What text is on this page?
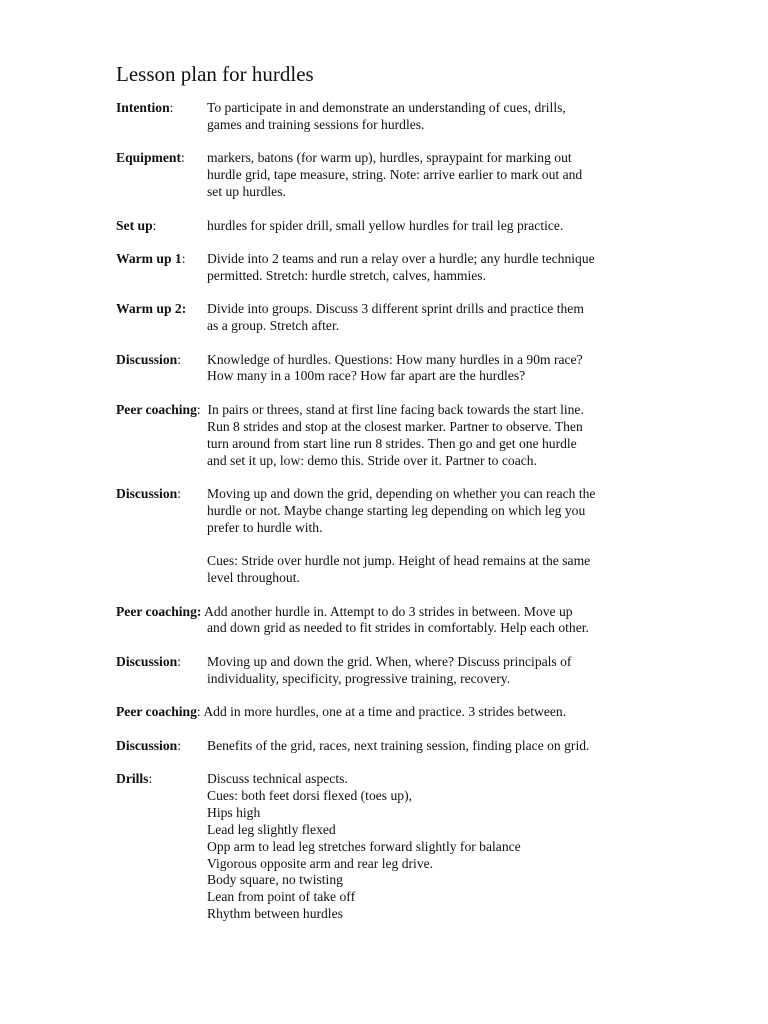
Lesson plan for hurdles
Intention:	To participate in and demonstrate an understanding of cues, drills,
games and training sessions for hurdles.
Equipment:	markers, batons (for warm up), hurdles, spraypaint for marking out
hurdle grid, tape measure, string. Note: arrive earlier to mark out and
set up hurdles.
Set up:	hurdles for spider drill, small yellow hurdles for trail leg practice.
Warm up 1:	Divide into 2 teams and run a relay over a hurdle; any hurdle technique
permitted. Stretch: hurdle stretch, calves, hammies.
Warm up 2:	Divide into groups. Discuss 3 different sprint drills and practice them
as a group. Stretch after.
Discussion:	Knowledge of hurdles. Questions: How many hurdles in a 90m race?
How many in a 100m race? How far apart are the hurdles?
Peer coaching:  In pairs or threes, stand at first line facing back towards the start line.
Run 8 strides and stop at the closest marker. Partner to observe. Then
turn around from start line run 8 strides. Then go and get one hurdle
and set it up, low: demo this. Stride over it. Partner to coach.
Discussion:	Moving up and down the grid, depending on whether you can reach the
hurdle or not. Maybe change starting leg depending on which leg you
prefer to hurdle with.
Cues: Stride over hurdle not jump. Height of head remains at the same
level throughout.
Peer coaching: Add another hurdle in. Attempt to do 3 strides in between. Move up
and down grid as needed to fit strides in comfortably. Help each other.
Discussion:	Moving up and down the grid. When, where? Discuss principals of
individuality, specificity, progressive training, recovery.
Peer coaching: Add in more hurdles, one at a time and practice. 3 strides between.
Discussion:	Benefits of the grid, races, next training session, finding place on grid.
Drills:	Discuss technical aspects.
Cues: both feet dorsi flexed (toes up),
Hips high
Lead leg slightly flexed
Opp arm to lead leg stretches forward slightly for balance
Vigorous opposite arm and rear leg drive.
Body square, no twisting
Lean from point of take off
Rhythm between hurdles
